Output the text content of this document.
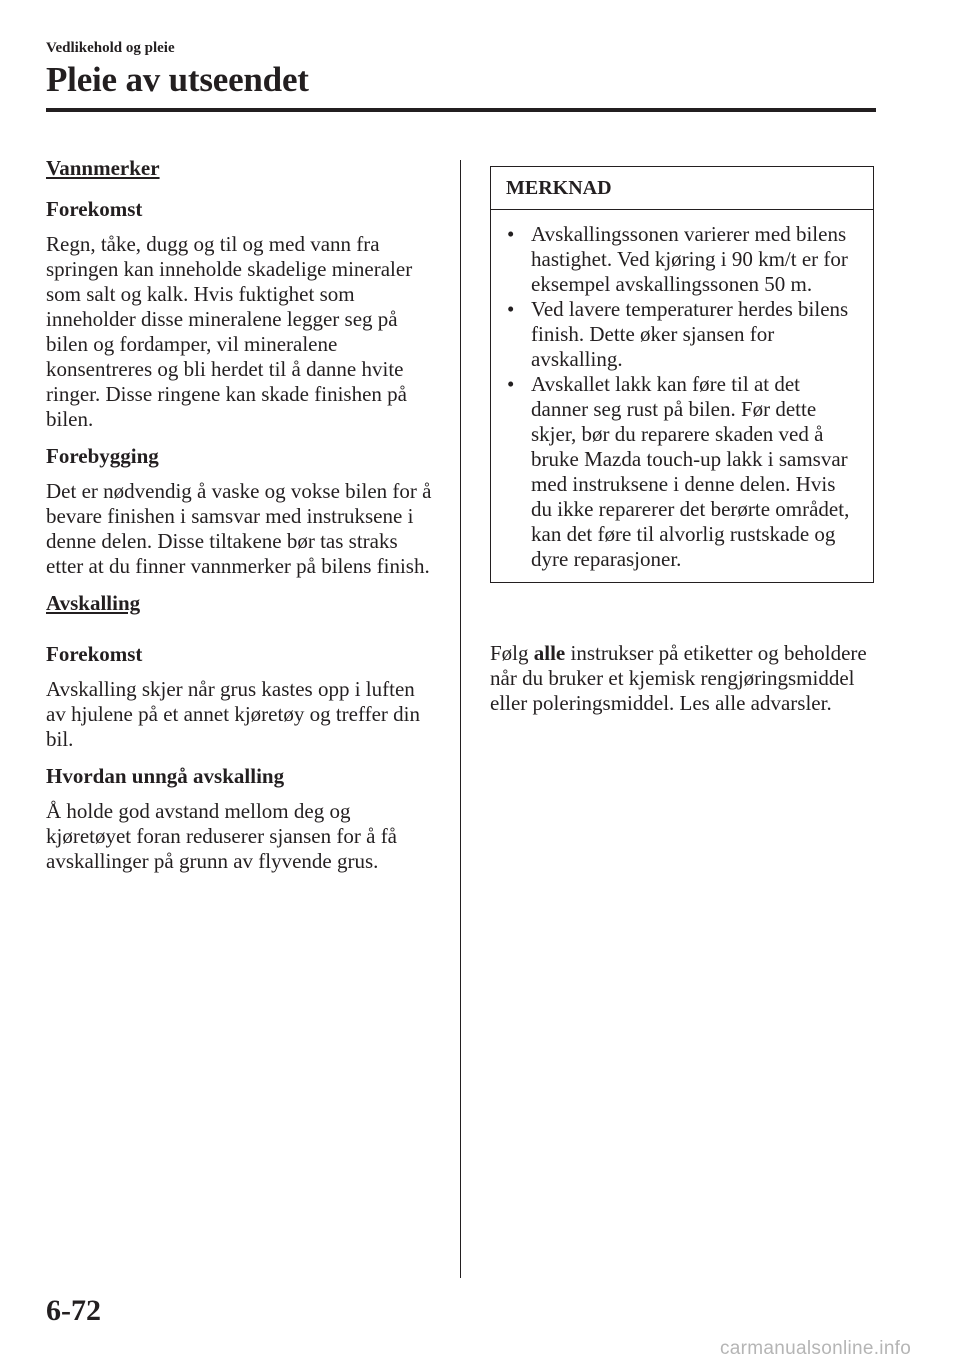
Vedlikehold og pleie
Pleie av utseendet
Vannmerker
Forekomst

Regn, tåke, dugg og til og med vann fra springen kan inneholde skadelige mineraler som salt og kalk. Hvis fuktighet som inneholder disse mineralene legger seg på bilen og fordamper, vil mineralene konsentreres og bli herdet til å danne hvite ringer. Disse ringene kan skade finishen på bilen.

Forebygging

Det er nødvendig å vaske og vokse bilen for å bevare finishen i samsvar med instruksene i denne delen. Disse tiltakene bør tas straks etter at du finner vannmerker på bilens finish.

Avskalling
Forekomst

Avskalling skjer når grus kastes opp i luften av hjulene på et annet kjøretøy og treffer din bil.

Hvordan unngå avskalling

Å holde god avstand mellom deg og kjøretøyet foran reduserer sjansen for å få avskallinger på grunn av flyvende grus.

MERKNAD
• Avskallingssonen varierer med bilens hastighet. Ved kjøring i 90 km/t er for eksempel avskallingssonen 50 m.
• Ved lavere temperaturer herdes bilens finish. Dette øker sjansen for avskalling.
• Avskallet lakk kan føre til at det danner seg rust på bilen. Før dette skjer, bør du reparere skaden ved å bruke Mazda touch-up lakk i samsvar med instruksene i denne delen. Hvis du ikke reparerer det berørte området, kan det føre til alvorlig rustskade og dyre reparasjoner.

Følg alle instrukser på etiketter og beholdere når du bruker et kjemisk rengjøringsmiddel eller poleringsmiddel. Les alle advarsler.

6-72
carmanualsonline.info
